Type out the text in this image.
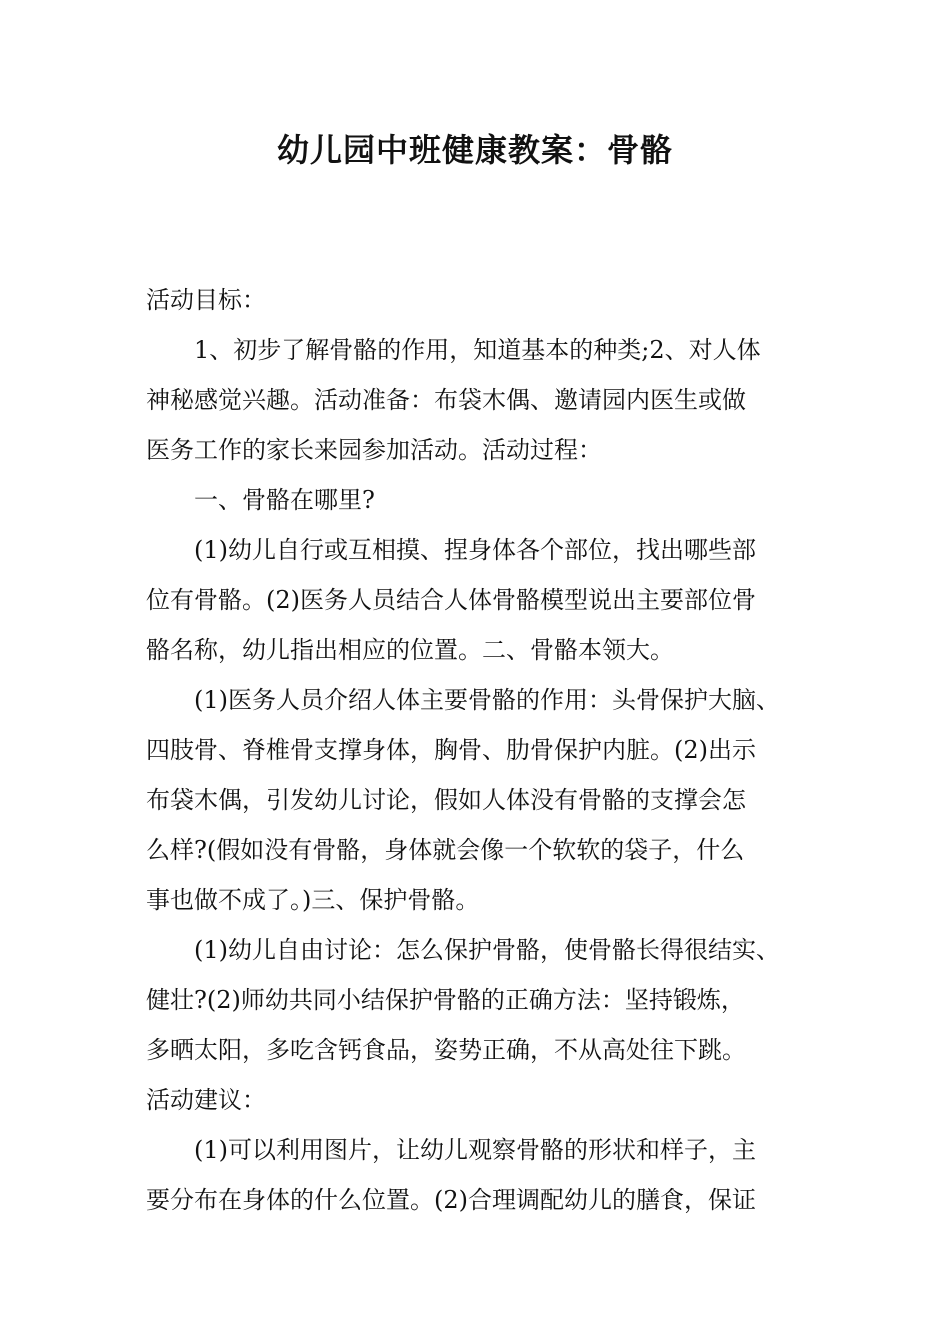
幼儿园中班健康教案：骨骼
活动目标：
1、初步了解骨骼的作用，知道基本的种类;2、对人体
神秘感觉兴趣。活动准备：布袋木偶、邀请园内医生或做
医务工作的家长来园参加活动。活动过程：
一、骨骼在哪里?
(1)幼儿自行或互相摸、捏身体各个部位，找出哪些部
位有骨骼。(2)医务人员结合人体骨骼模型说出主要部位骨
骼名称，幼儿指出相应的位置。二、骨骼本领大。
(1)医务人员介绍人体主要骨骼的作用：头骨保护大脑、
四肢骨、脊椎骨支撑身体，胸骨、肋骨保护内脏。(2)出示
布袋木偶，引发幼儿讨论，假如人体没有骨骼的支撑会怎
么样?(假如没有骨骼，身体就会像一个软软的袋子，什么
事也做不成了。)三、保护骨骼。
(1)幼儿自由讨论：怎么保护骨骼，使骨骼长得很结实、
健壮?(2)师幼共同小结保护骨骼的正确方法：坚持锻炼，
多晒太阳，多吃含钙食品，姿势正确，不从高处往下跳。
活动建议：
(1)可以利用图片，让幼儿观察骨骼的形状和样子，主
要分布在身体的什么位置。(2)合理调配幼儿的膳食，保证
